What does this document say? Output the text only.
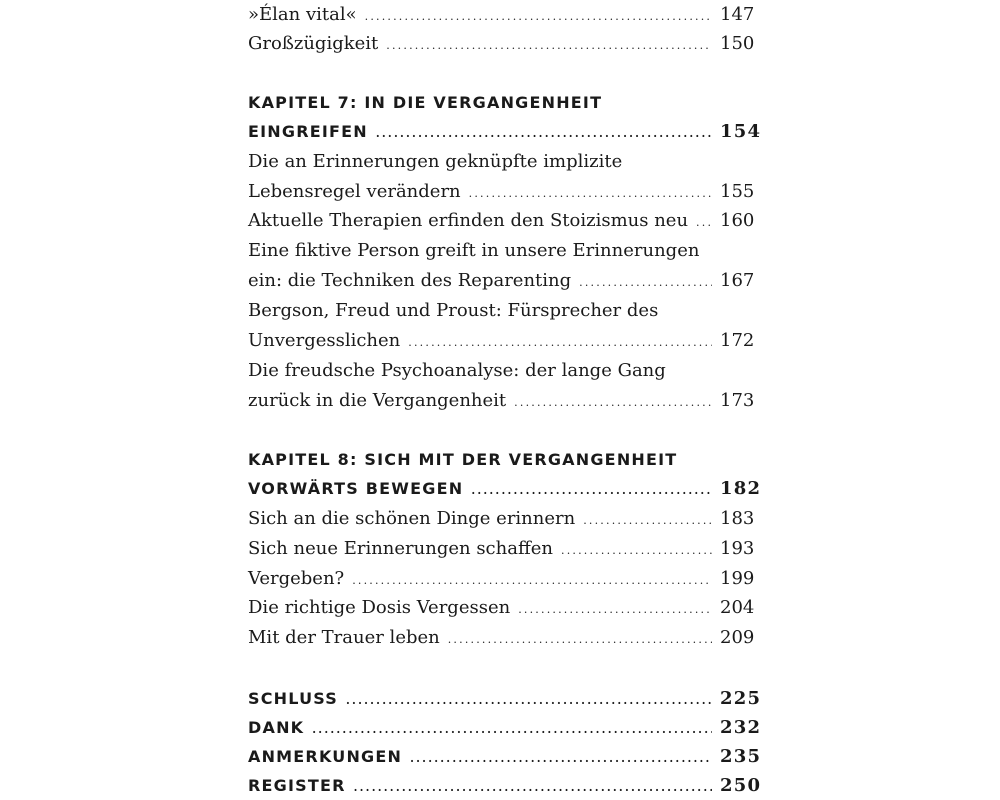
»Élan vital« .....	147
Großzügigkeit .....	150
KAPITEL 7: IN DIE VERGANGENHEIT
EINGREIFEN .....	154
Die an Erinnerungen geknüpfte implizite
Lebensregel verändern .....	155
Aktuelle Therapien erfinden den Stoizismus neu ..... 160
Eine fiktive Person greift in unsere Erinnerungen
ein: die Techniken des Reparenting .....	167
Bergson, Freud und Proust: Fürsprecher des
Unvergesslichen .....	172
Die freudsche Psychoanalyse: der lange Gang
zurück in die Vergangenheit .....	173
KAPITEL 8: SICH MIT DER VERGANGENHEIT
VORWÄRTS BEWEGEN .....	182
Sich an die schönen Dinge erinnern .....	183
Sich neue Erinnerungen schaffen .....	193
Vergeben? .....	199
Die richtige Dosis Vergessen .....	204
Mit der Trauer leben .....	209
SCHLUSS .....	225
DANK .....	232
ANMERKUNGEN .....	235
REGISTER .....	250
